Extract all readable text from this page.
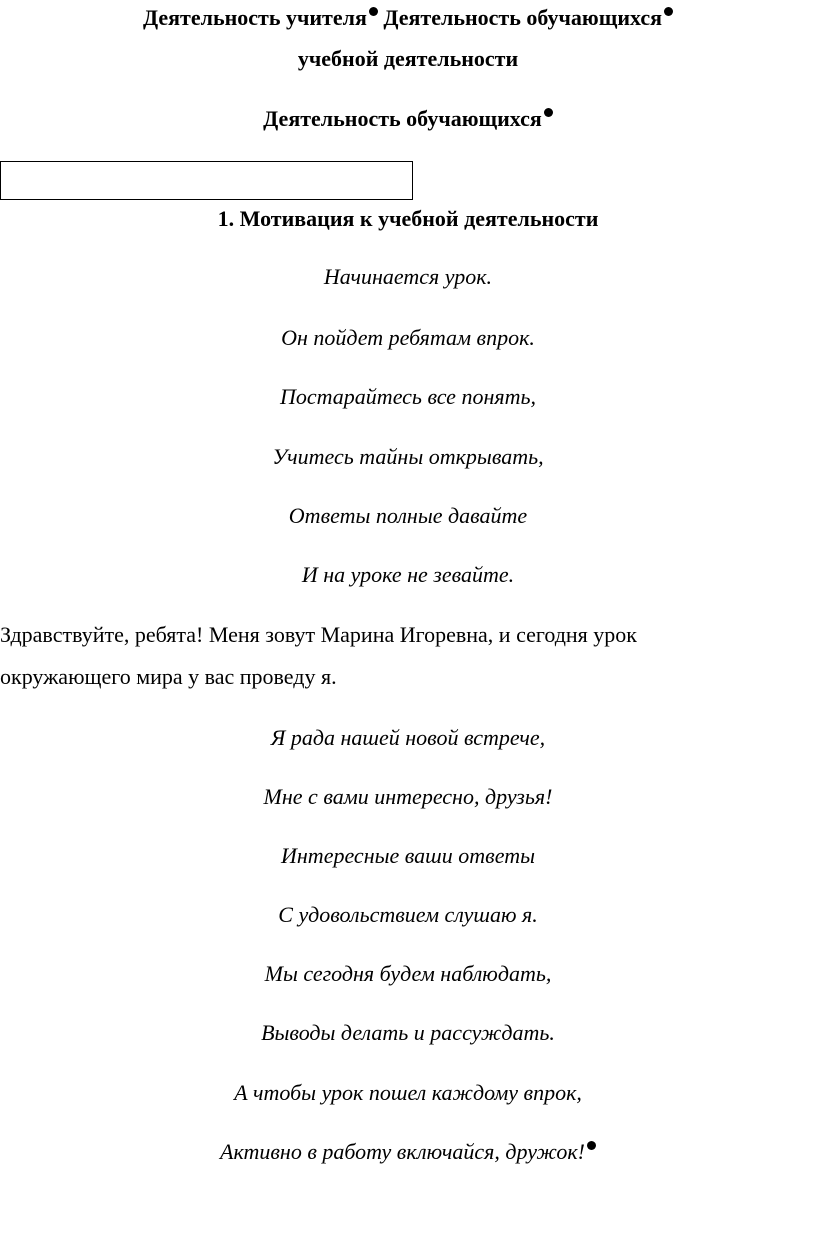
Деятельность учителя Деятельность обучающихся
учебной деятельности
Деятельность обучающихся
1. Мотивация к учебной деятельности
Начинается урок.
Он пойдет ребятам впрок.
Постарайтесь все понять,
Учитесь тайны открывать,
Ответы полные давайте
И на уроке не зевайте.
Здравствуйте, ребята! Меня зовут Марина Игоревна, и сегодня урок
окружающего мира у вас проведу я.
Я рада нашей новой встрече,
Мне с вами интересно, друзья!
Интересные ваши ответы
С удовольствием слушаю я.
Мы сегодня будем наблюдать,
Выводы делать и рассуждать.
А чтобы урок пошел каждому впрок,
Активно в работу включайся, дружок!
